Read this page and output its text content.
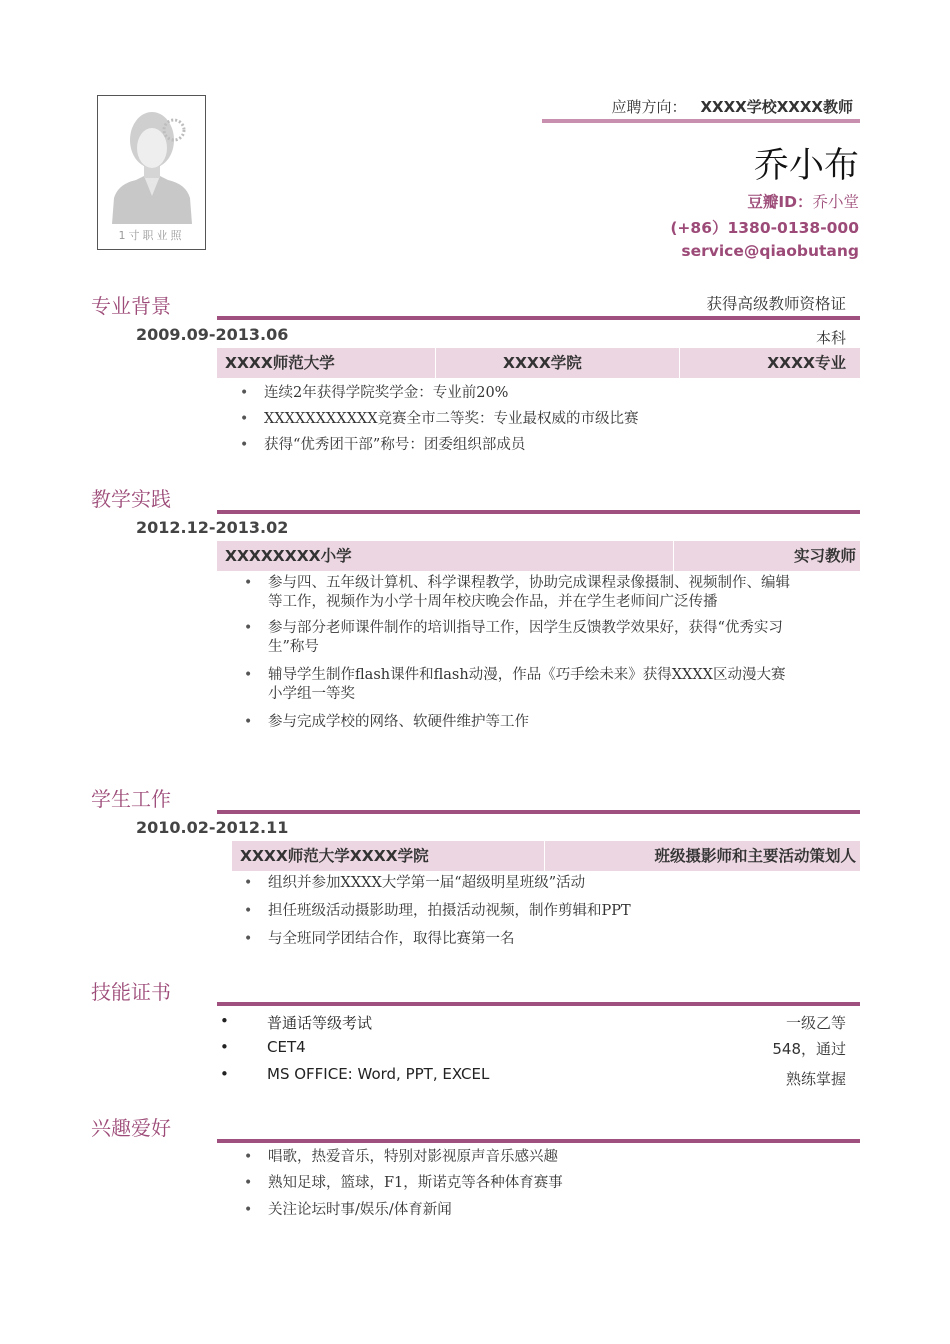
1寸职业照
应聘方向： XXXX学校XXXX教师
乔小布
豆瓣ID：乔小堂
(+86）1380-0138-000
service@qiaobutang
专业背景	获得高级教师资格证
2009.09-2013.06	本科
XXXX师范大学	XXXX学院	XXXX专业
• 连续2年获得学院奖学金：专业前20%
• XXXXXXXXXXX竞赛全市二等奖：专业最权威的市级比赛
• 获得“优秀团干部”称号：团委组织部成员
教学实践
2012.12-2013.02
XXXXXXXX小学	实习教师
• 参与四、五年级计算机、科学课程教学，协助完成课程录像摄制、视频制作、编辑等工作，视频作为小学十周年校庆晚会作品，并在学生老师间广泛传播
• 参与部分老师课件制作的培训指导工作，因学生反馈教学效果好，获得“优秀实习生”称号
• 辅导学生制作flash课件和flash动漫，作品《巧手绘未来》获得XXXX区动漫大赛小学组一等奖
• 参与完成学校的网络、软硬件维护等工作
学生工作
2010.02-2012.11
XXXX师范大学XXXX学院	班级摄影师和主要活动策划人
• 组织并参加XXXX大学第一届“超级明星班级”活动
• 担任班级活动摄影助理，拍摄活动视频，制作剪辑和PPT
• 与全班同学团结合作，取得比赛第一名
技能证书
普通话等级考试	一级乙等
CET4	548，通过
MS OFFICE: Word, PPT, EXCEL	熟练掌握
兴趣爱好
• 唱歌，热爱音乐，特别对影视原声音乐感兴趣
• 熟知足球，篮球，F1，斯诺克等各种体育赛事
• 关注论坛时事/娱乐/体育新闻
